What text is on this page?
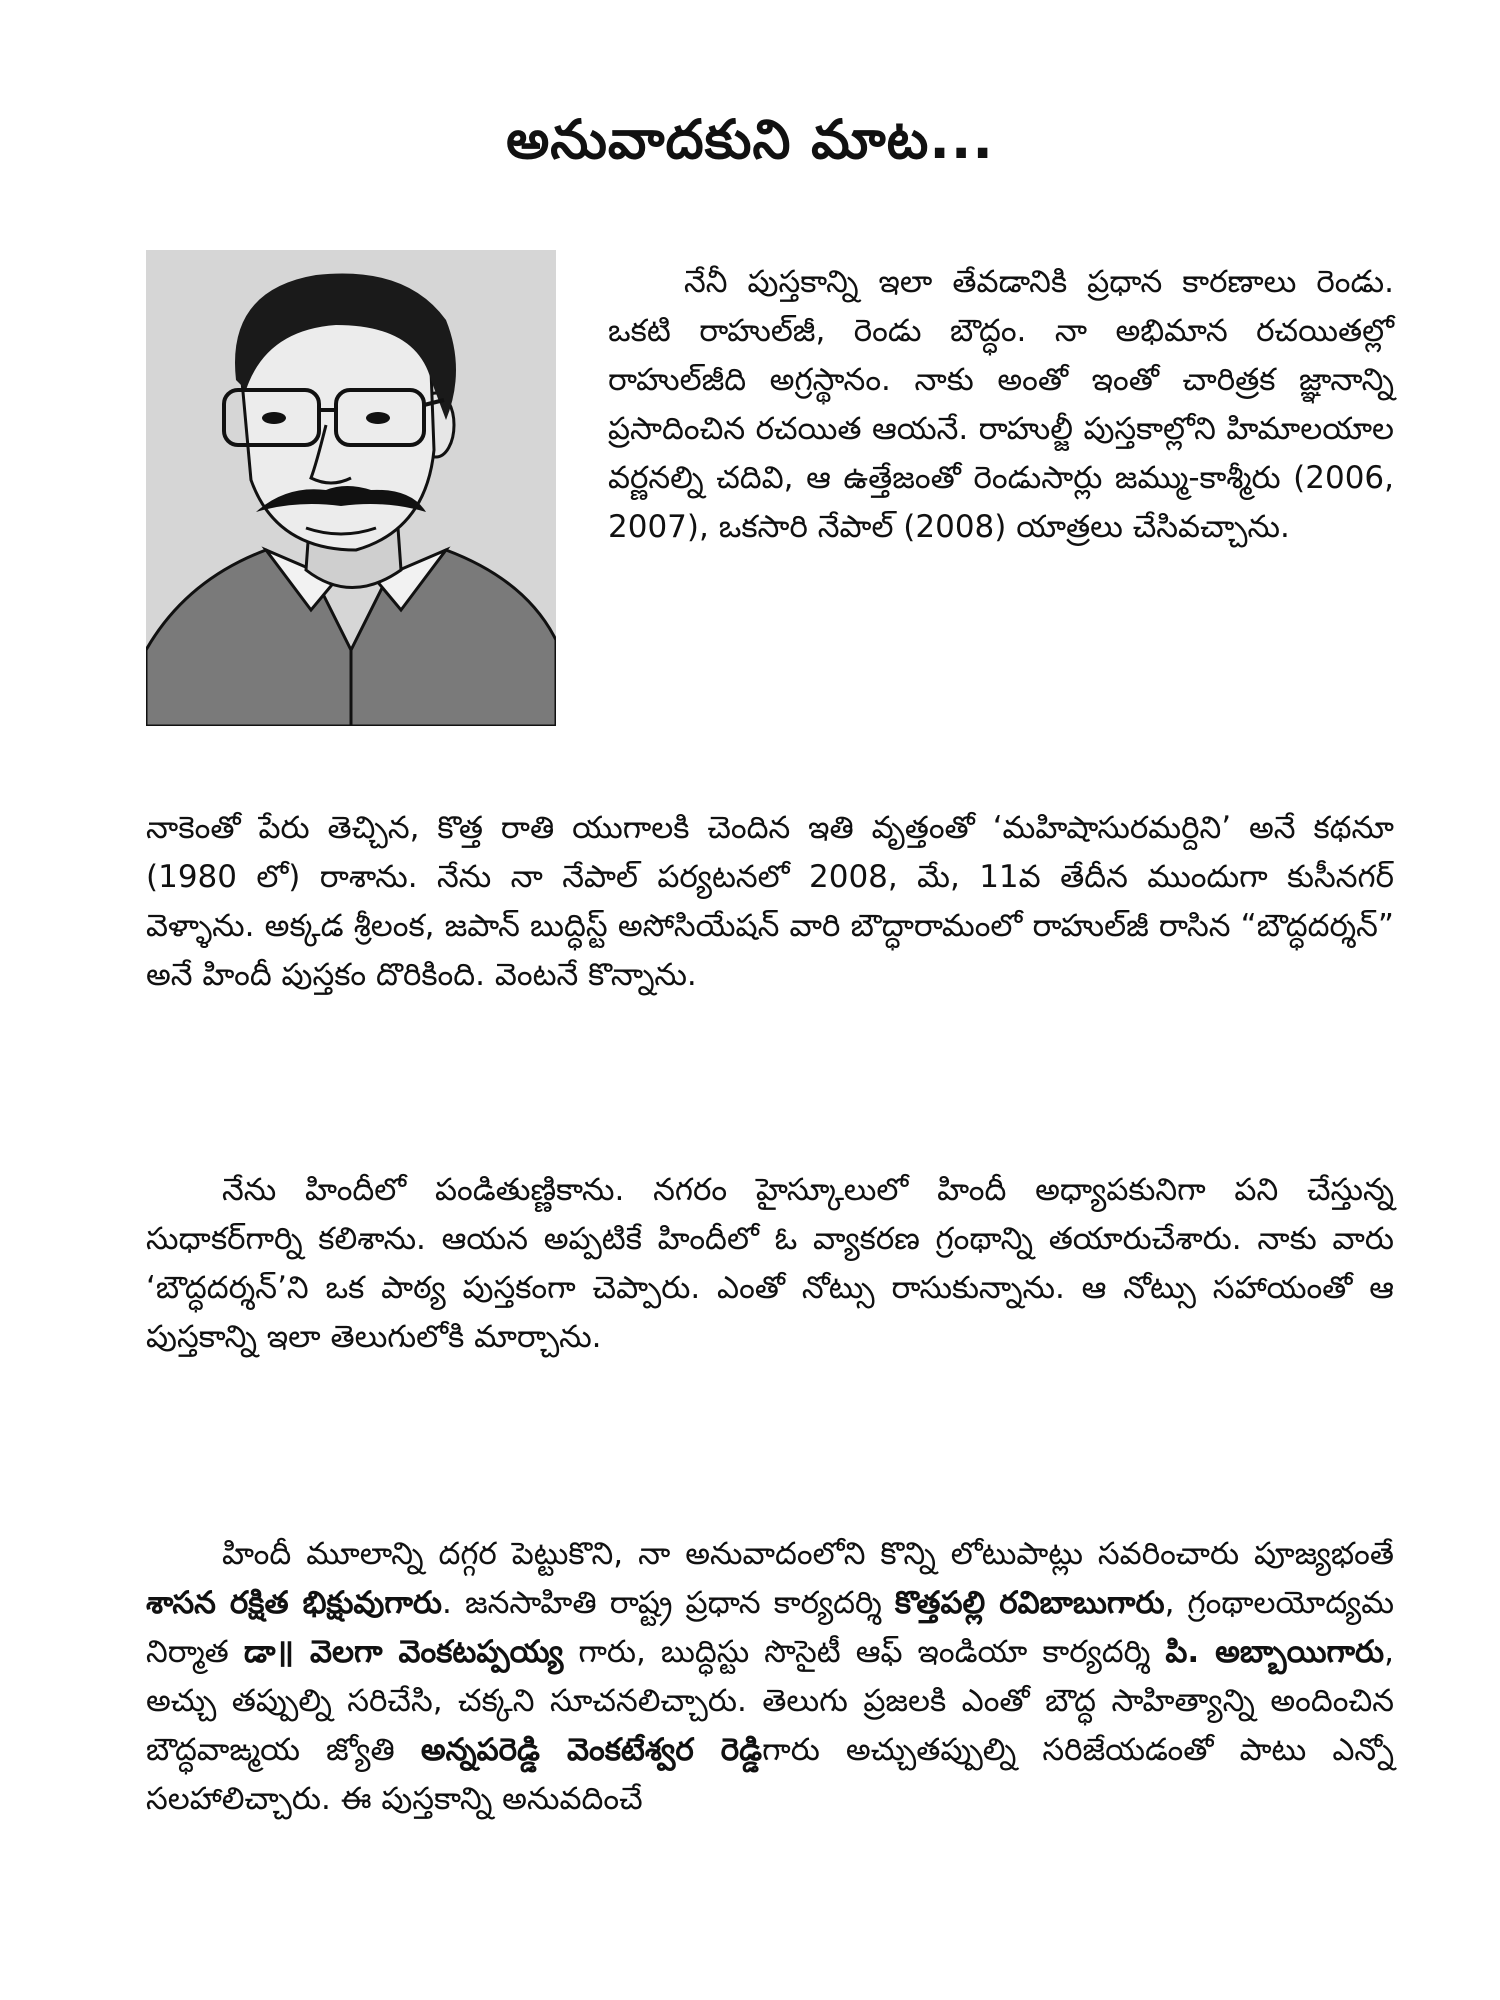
అనువాదకుని మాట...

నేనీ పుస్తకాన్ని ఇలా తేవడానికి ప్రధాన కారణాలు రెండు. ఒకటి రాహుల్‌జీ, రెండు బౌద్ధం. నా అభిమాన రచయితల్లో రాహుల్‌జీది అగ్రస్థానం. నాకు అంతో ఇంతో చారిత్రక జ్ఞానాన్ని ప్రసాదించిన రచయిత ఆయనే. రాహుల్జీ పుస్తకాల్లోని హిమాలయాల వర్ణనల్ని చదివి, ఆ ఉత్తేజంతో రెండుసార్లు జమ్ము-కాశ్మీరు (2006, 2007), ఒకసారి నేపాల్ (2008) యాత్రలు చేసివచ్చాను.

నాకెంతో పేరు తెచ్చిన, కొత్త రాతి యుగాలకి చెందిన ఇతి వృత్తంతో ‘మహిషాసురమర్దిని’ అనే కథనూ (1980 లో) రాశాను. నేను నా నేపాల్ పర్యటనలో 2008, మే, 11వ తేదీన ముందుగా కుసీనగర్ వెళ్ళాను. అక్కడ శ్రీలంక, జపాన్ బుద్ధిస్ట్ అసోసియేషన్ వారి బౌద్ధారామంలో రాహుల్‌జీ రాసిన “బౌద్ధదర్శన్” అనే హిందీ పుస్తకం దొరికింది. వెంటనే కొన్నాను.

నేను హిందీలో పండితుణ్ణికాను. నగరం హైస్కూలులో హిందీ అధ్యాపకునిగా పని చేస్తున్న సుధాకర్‌గార్ని కలిశాను. ఆయన అప్పటికే హిందీలో ఓ వ్యాకరణ గ్రంథాన్ని తయారుచేశారు. నాకు వారు ‘బౌద్ధదర్శన్’ని ఒక పాఠ్య పుస్తకంగా చెప్పారు. ఎంతో నోట్సు రాసుకున్నాను. ఆ నోట్సు సహాయంతో ఆ పుస్తకాన్ని ఇలా తెలుగులోకి మార్చాను.

హిందీ మూలాన్ని దగ్గర పెట్టుకొని, నా అనువాదంలోని కొన్ని లోటుపాట్లు సవరించారు పూజ్యభంతే శాసన రక్షిత భిక్షువుగారు. జనసాహితి రాష్ట్ర ప్రధాన కార్యదర్శి కొత్తపల్లి రవిబాబుగారు, గ్రంథాలయోద్యమ నిర్మాత డా॥ వెలగా వెంకటప్పయ్య గారు, బుద్ధిస్టు సొసైటీ ఆఫ్ ఇండియా కార్యదర్శి పి. అబ్బాయిగారు, అచ్చు తప్పుల్ని సరిచేసి, చక్కని సూచనలిచ్చారు. తెలుగు ప్రజలకి ఎంతో బౌద్ధ సాహిత్యాన్ని అందించిన బౌద్ధవాఙ్మయ జ్యోతి అన్నపరెడ్డి వెంకటేశ్వర రెడ్డిగారు అచ్చుతప్పుల్ని సరిజేయడంతో పాటు ఎన్నో సలహాలిచ్చారు. ఈ పుస్తకాన్ని అనువదించే
